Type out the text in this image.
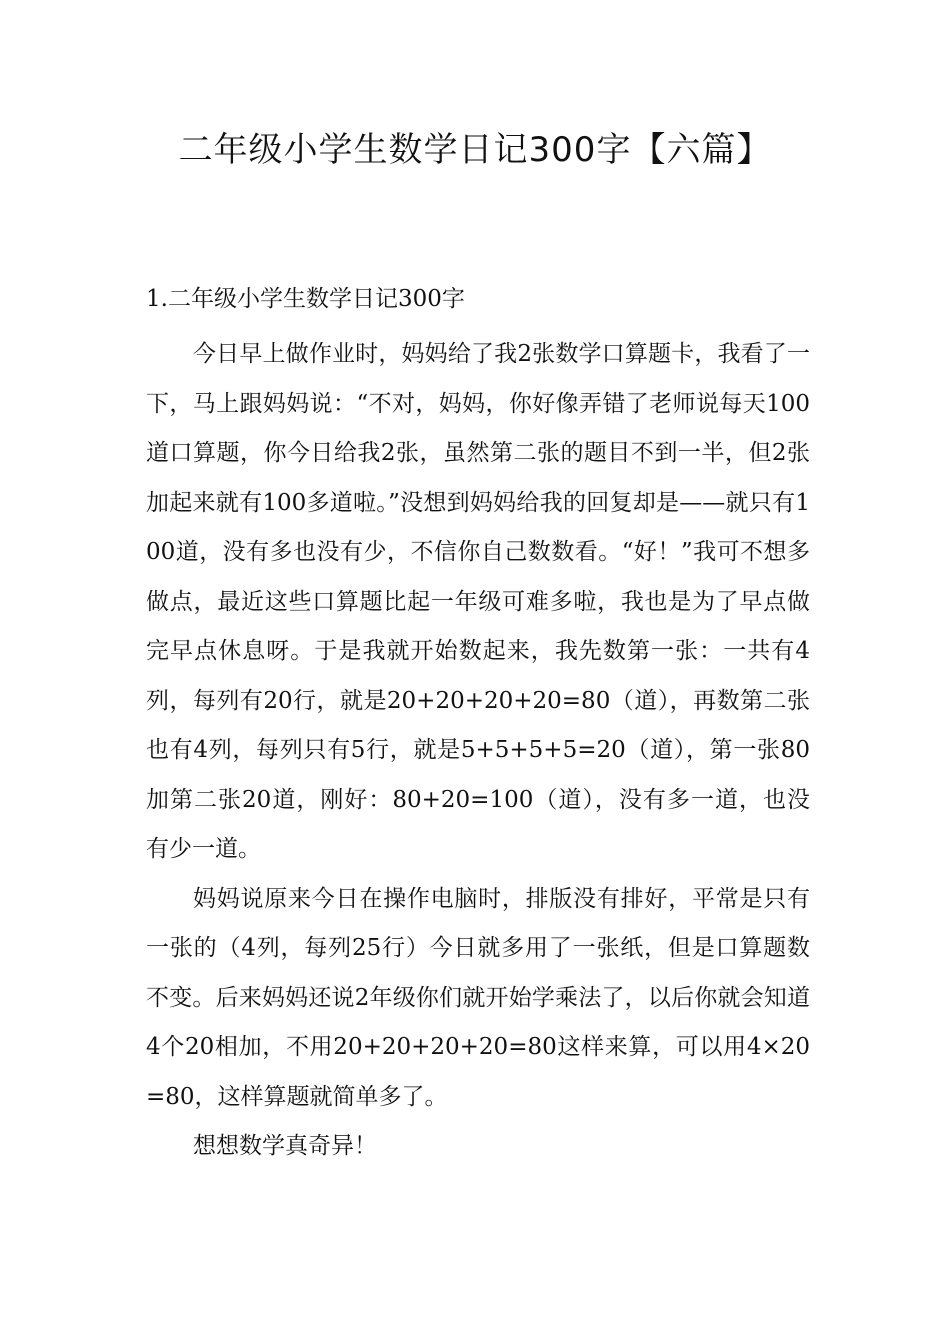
二年级小学生数学日记300字【六篇】
1.二年级小学生数学日记300字

今日早上做作业时，妈妈给了我2张数学口算题卡，我看了一下，马上跟妈妈说：“不对，妈妈，你好像弄错了老师说每天100道口算题，你今日给我2张，虽然第二张的题目不到一半，但2张加起来就有100多道啦。”没想到妈妈给我的回复却是——就只有100道，没有多也没有少，不信你自己数数看。“好！”我可不想多做点，最近这些口算题比起一年级可难多啦，我也是为了早点做完早点休息呀。于是我就开始数起来，我先数第一张：一共有4列，每列有20行，就是20+20+20+20=80（道），再数第二张也有4列，每列只有5行，就是5+5+5+5=20（道），第一张80加第二张20道，刚好：80+20=100（道），没有多一道，也没有少一道。

妈妈说原来今日在操作电脑时，排版没有排好，平常是只有一张的（4列，每列25行）今日就多用了一张纸，但是口算题数不变。后来妈妈还说2年级你们就开始学乘法了，以后你就会知道4个20相加，不用20+20+20+20=80这样来算，可以用4×20=80，这样算题就简单多了。

想想数学真奇异！
